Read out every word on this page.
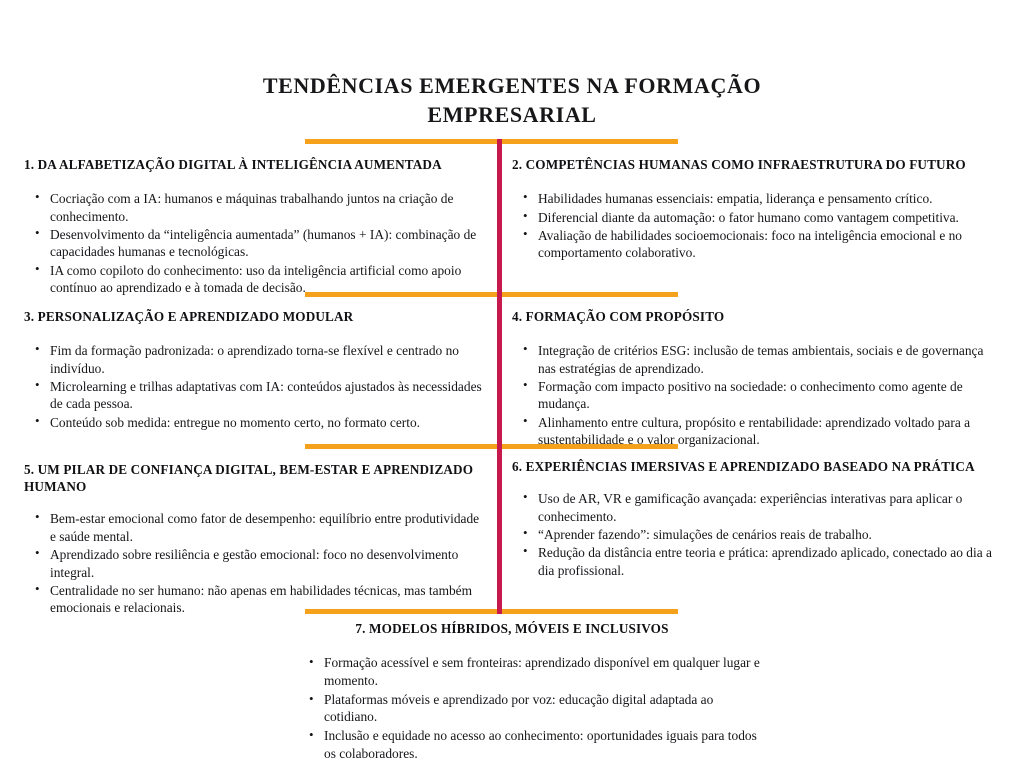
TENDÊNCIAS EMERGENTES NA FORMAÇÃO EMPRESARIAL
1. DA ALFABETIZAÇÃO DIGITAL À INTELIGÊNCIA AUMENTADA
• Cocriação com a IA: humanos e máquinas trabalhando juntos na criação de conhecimento.
• Desenvolvimento da “inteligência aumentada” (humanos + IA): combinação de capacidades humanas e tecnológicas.
• IA como copiloto do conhecimento: uso da inteligência artificial como apoio contínuo ao aprendizado e à tomada de decisão.
2. COMPETÊNCIAS HUMANAS COMO INFRAESTRUTURA DO FUTURO
• Habilidades humanas essenciais: empatia, liderança e pensamento crítico.
• Diferencial diante da automação: o fator humano como vantagem competitiva.
• Avaliação de habilidades socioemocionais: foco na inteligência emocional e no comportamento colaborativo.
3. PERSONALIZAÇÃO E APRENDIZADO MODULAR
• Fim da formação padronizada: o aprendizado torna-se flexível e centrado no indivíduo.
• Microlearning e trilhas adaptativas com IA: conteúdos ajustados às necessidades de cada pessoa.
• Conteúdo sob medida: entregue no momento certo, no formato certo.
4. FORMAÇÃO COM PROPÓSITO
• Integração de critérios ESG: inclusão de temas ambientais, sociais e de governança nas estratégias de aprendizado.
• Formação com impacto positivo na sociedade: o conhecimento como agente de mudança.
• Alinhamento entre cultura, propósito e rentabilidade: aprendizado voltado para a sustentabilidade e o valor organizacional.
5. UM PILAR DE CONFIANÇA DIGITAL, BEM-ESTAR E APRENDIZADO HUMANO
• Bem-estar emocional como fator de desempenho: equilíbrio entre produtividade e saúde mental.
• Aprendizado sobre resiliência e gestão emocional: foco no desenvolvimento integral.
• Centralidade no ser humano: não apenas em habilidades técnicas, mas também emocionais e relacionais.
6. EXPERIÊNCIAS IMERSIVAS E APRENDIZADO BASEADO NA PRÁTICA
• Uso de AR, VR e gamificação avançada: experiências interativas para aplicar o conhecimento.
• “Aprender fazendo”: simulações de cenários reais de trabalho.
• Redução da distância entre teoria e prática: aprendizado aplicado, conectado ao dia a dia profissional.
7. MODELOS HÍBRIDOS, MÓVEIS E INCLUSIVOS
• Formação acessível e sem fronteiras: aprendizado disponível em qualquer lugar e momento.
• Plataformas móveis e aprendizado por voz: educação digital adaptada ao cotidiano.
• Inclusão e equidade no acesso ao conhecimento: oportunidades iguais para todos os colaboradores.
